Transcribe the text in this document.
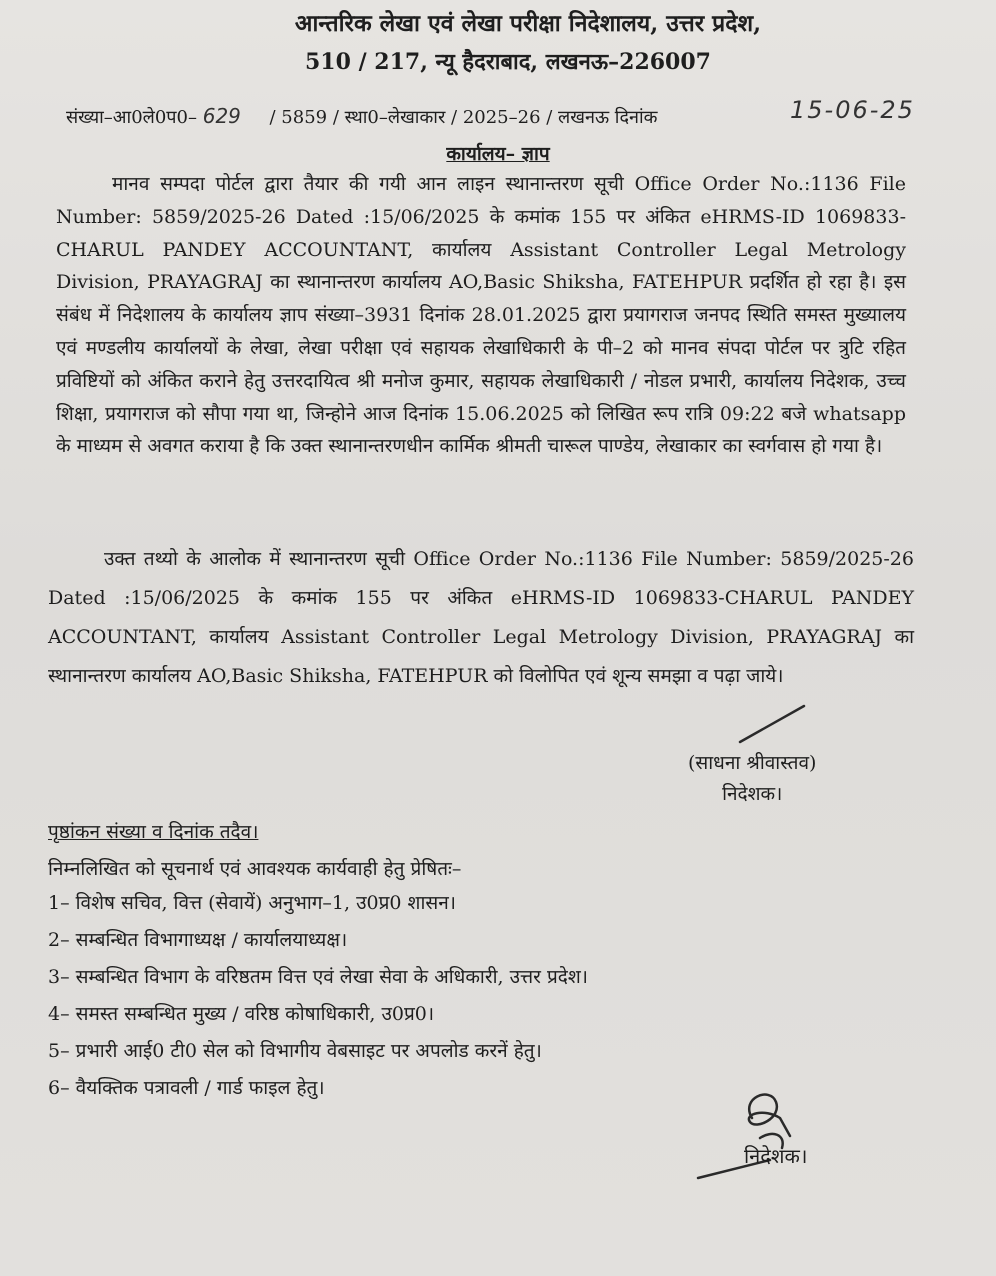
आन्तरिक लेखा एवं लेखा परीक्षा निदेशालय, उत्तर प्रदेश,
510 / 217, न्यू हैदराबाद, लखनऊ–226007
संख्या–आ0ले0प0– 629 / 5859 / स्था0–लेखाकार / 2025–26 / लखनऊ दिनांक	15-06-25
कार्यालय– ज्ञाप
मानव सम्पदा पोर्टल द्वारा तैयार की गयी आन लाइन स्थानान्तरण सूची Office Order No.:1136 File Number: 5859/2025-26 Dated :15/06/2025 के कमांक 155 पर अंकित eHRMS-ID 1069833-CHARUL PANDEY ACCOUNTANT, कार्यालय Assistant Controller Legal Metrology Division, PRAYAGRAJ का स्थानान्तरण कार्यालय AO,Basic Shiksha, FATEHPUR प्रदर्शित हो रहा है। इस संबंध में निदेशालय के कार्यालय ज्ञाप संख्या–3931 दिनांक 28.01.2025 द्वारा प्रयागराज जनपद स्थिति समस्त मुख्यालय एवं मण्डलीय कार्यालयों के लेखा, लेखा परीक्षा एवं सहायक लेखाधिकारी के पी–2 को मानव संपदा पोर्टल पर त्रुटि रहित प्रविष्टियों को अंकित कराने हेतु उत्तरदायित्व श्री मनोज कुमार, सहायक लेखाधिकारी / नोडल प्रभारी, कार्यालय निदेशक, उच्च शिक्षा, प्रयागराज को सौपा गया था, जिन्होने आज दिनांक 15.06.2025 को लिखित रूप रात्रि 09:22 बजे whatsapp के माध्यम से अवगत कराया है कि उक्त स्थानान्तरणधीन कार्मिक श्रीमती चारूल पाण्डेय, लेखाकार का स्वर्गवास हो गया है।
उक्त तथ्यो के आलोक में स्थानान्तरण सूची Office Order No.:1136 File Number: 5859/2025-26 Dated :15/06/2025 के कमांक 155 पर अंकित eHRMS-ID 1069833-CHARUL PANDEY ACCOUNTANT, कार्यालय Assistant Controller Legal Metrology Division, PRAYAGRAJ का स्थानान्तरण कार्यालय AO,Basic Shiksha, FATEHPUR को विलोपित एवं शून्य समझा व पढ़ा जाये।
(साधना श्रीवास्तव)
निदेशक।
पृष्ठांकन संख्या व दिनांक तदैव।
निम्नलिखित को सूचनार्थ एवं आवश्यक कार्यवाही हेतु प्रेषितः–
1– विशेष सचिव, वित्त (सेवायें) अनुभाग–1, उ0प्र0 शासन।
2– सम्बन्धित विभागाध्यक्ष / कार्यालयाध्यक्ष।
3– सम्बन्धित विभाग के वरिष्ठतम वित्त एवं लेखा सेवा के अधिकारी, उत्तर प्रदेश।
4– समस्त सम्बन्धित मुख्य / वरिष्ठ कोषाधिकारी, उ0प्र0।
5– प्रभारी आई0 टी0 सेल को विभागीय वेबसाइट पर अपलोड करनें हेतु।
6– वैयक्तिक पत्रावली / गार्ड फाइल हेतु।
निदेशक।
